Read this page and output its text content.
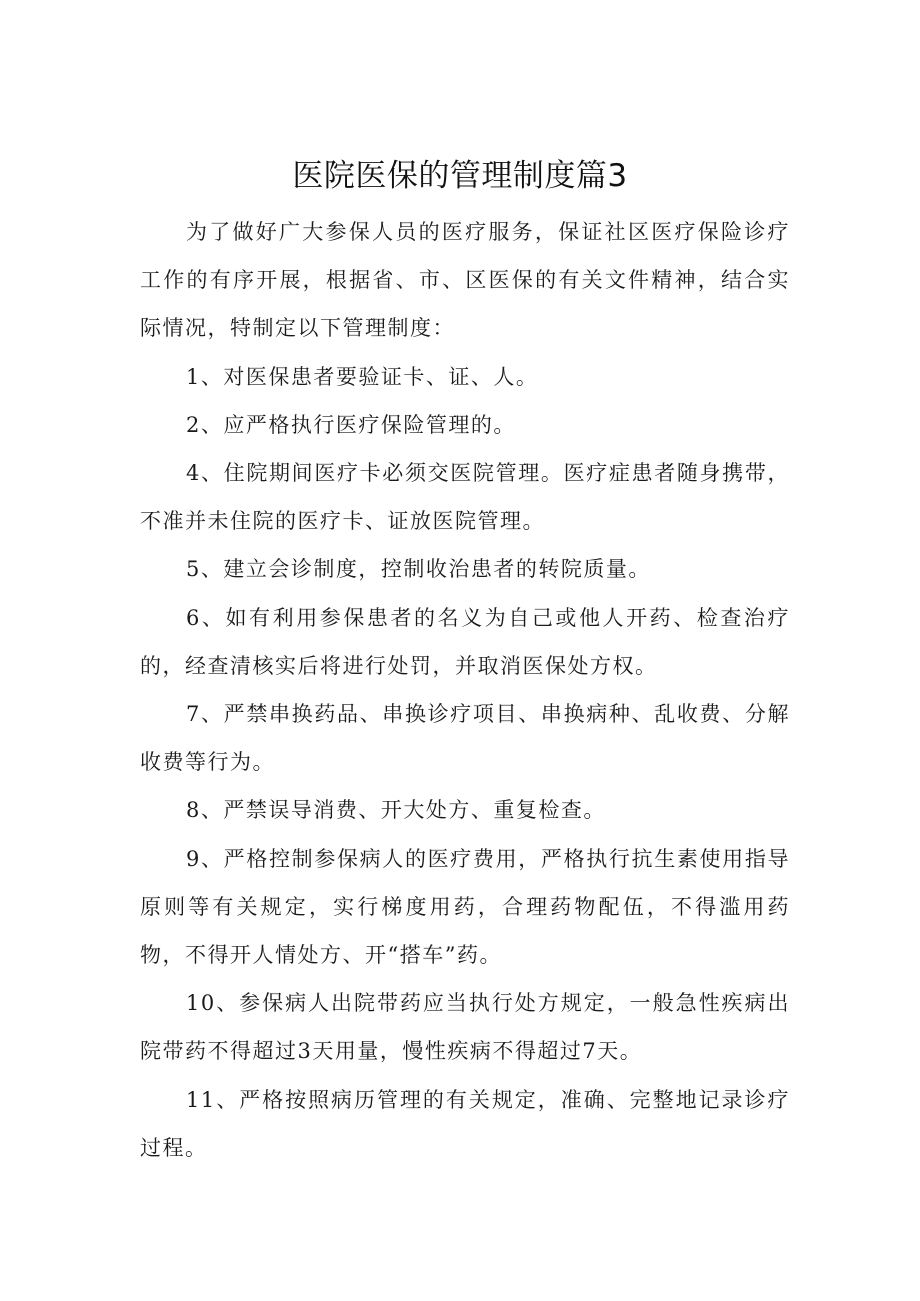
医院医保的管理制度篇3

为了做好广大参保人员的医疗服务，保证社区医疗保险诊疗工作的有序开展，根据省、市、区医保的有关文件精神，结合实际情况，特制定以下管理制度：

1、对医保患者要验证卡、证、人。

2、应严格执行医疗保险管理的。

4、住院期间医疗卡必须交医院管理。医疗症患者随身携带，不准并未住院的医疗卡、证放医院管理。

5、建立会诊制度，控制收治患者的转院质量。

6、如有利用参保患者的名义为自己或他人开药、检查治疗的，经查清核实后将进行处罚，并取消医保处方权。

7、严禁串换药品、串换诊疗项目、串换病种、乱收费、分解收费等行为。

8、严禁误导消费、开大处方、重复检查。

9、严格控制参保病人的医疗费用，严格执行抗生素使用指导原则等有关规定，实行梯度用药，合理药物配伍，不得滥用药物，不得开人情处方、开“搭车”药。

10、参保病人出院带药应当执行处方规定，一般急性疾病出院带药不得超过3天用量，慢性疾病不得超过7天。

11、严格按照病历管理的有关规定，准确、完整地记录诊疗过程。
